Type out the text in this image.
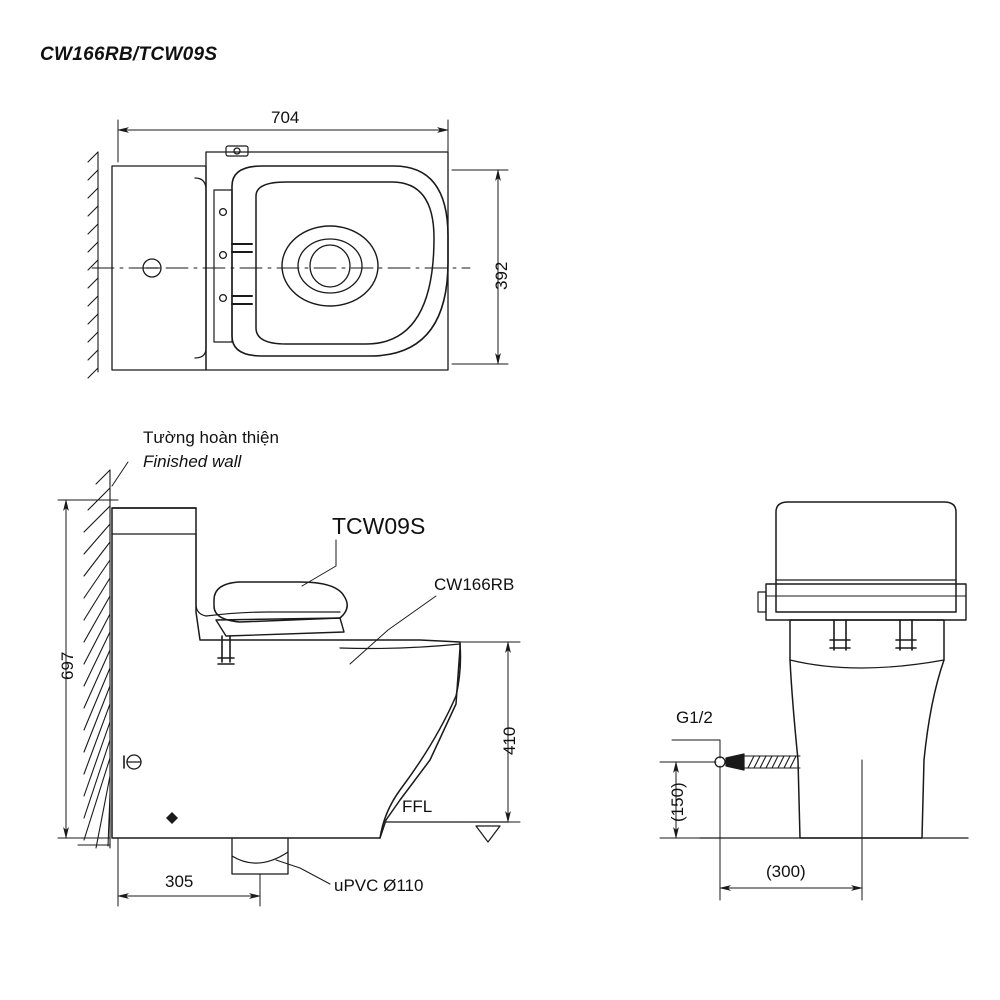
CW166RB/TCW09S
704
392
Tường hoàn thiện
Finished wall
TCW09S
CW166RB
FFL
uPVC Ø110
697
410
305
G1/2
(150)
(300)
